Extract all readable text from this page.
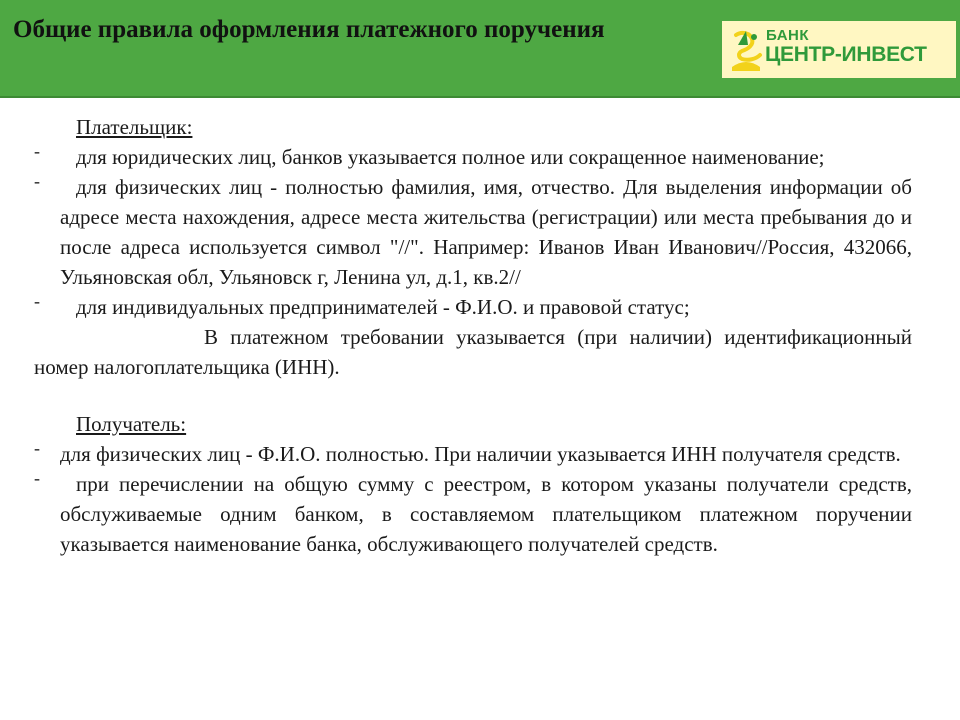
Общие правила оформления платежного поручения	БАНК
ЦЕНТР-ИНВЕСТ

Плательщик:

-	для юридических лиц, банков указывается полное или сокращенное наименование;
-	для физических лиц - полностью фамилия, имя, отчество. Для выделения информации об адресе места нахождения, адресе места жительства (регистрации) или места пребывания до и после адреса используется символ "//". Например: Иванов Иван Иванович//Россия, 432066, Ульяновская обл, Ульяновск г, Ленина ул, д.1, кв.2//
-	для индивидуальных предпринимателей - Ф.И.О. и правовой статус;

В платежном требовании указывается (при наличии) идентификационный номер налогоплательщика (ИНН).

Получатель:

- для физических лиц - Ф.И.О. полностью. При наличии указывается ИНН получателя средств.
-	при перечислении на общую сумму с реестром, в котором указаны получатели средств, обслуживаемые одним банком, в составляемом плательщиком платежном поручении указывается наименование банка, обслуживающего получателей средств.
